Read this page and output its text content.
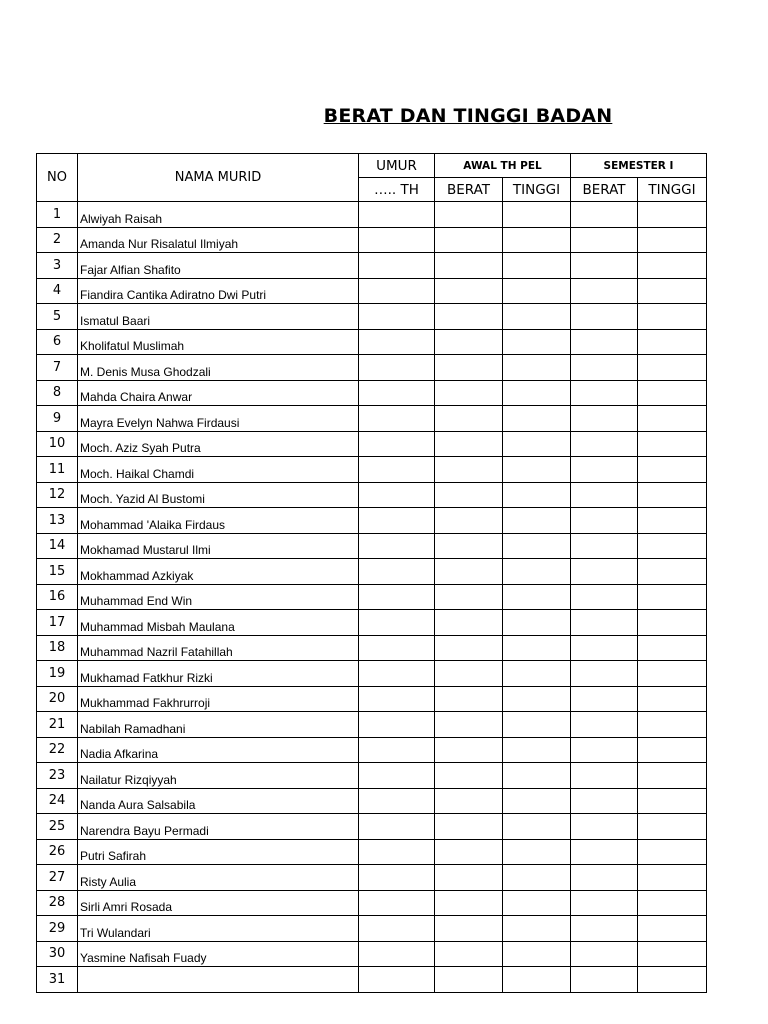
BERAT DAN TINGGI BADAN
NO	NAMA MURID	UMUR	AWAL TH PEL		SEMESTER I	
		….. TH	BERAT	TINGGI	BERAT	TINGGI
1	Alwiyah Raisah					
2	Amanda Nur Risalatul Ilmiyah					
3	Fajar Alfian Shafito					
4	Fiandira Cantika Adiratno Dwi Putri					
5	Ismatul Baari					
6	Kholifatul Muslimah					
7	M. Denis Musa Ghodzali					
8	Mahda Chaira Anwar					
9	Mayra Evelyn Nahwa Firdausi					
10	Moch. Aziz Syah Putra					
11	Moch. Haikal Chamdi					
12	Moch. Yazid Al Bustomi					
13	Mohammad 'Alaika Firdaus					
14	Mokhamad Mustarul Ilmi					
15	Mokhammad Azkiyak					
16	Muhammad End Win					
17	Muhammad Misbah Maulana					
18	Muhammad Nazril Fatahillah					
19	Mukhamad Fatkhur Rizki					
20	Mukhammad Fakhrurroji					
21	Nabilah Ramadhani					
22	Nadia Afkarina					
23	Nailatur Rizqiyyah					
24	Nanda Aura Salsabila					
25	Narendra Bayu Permadi					
26	Putri Safirah					
27	Risty Aulia					
28	Sirli Amri Rosada					
29	Tri Wulandari					
30	Yasmine Nafisah Fuady					
31						
